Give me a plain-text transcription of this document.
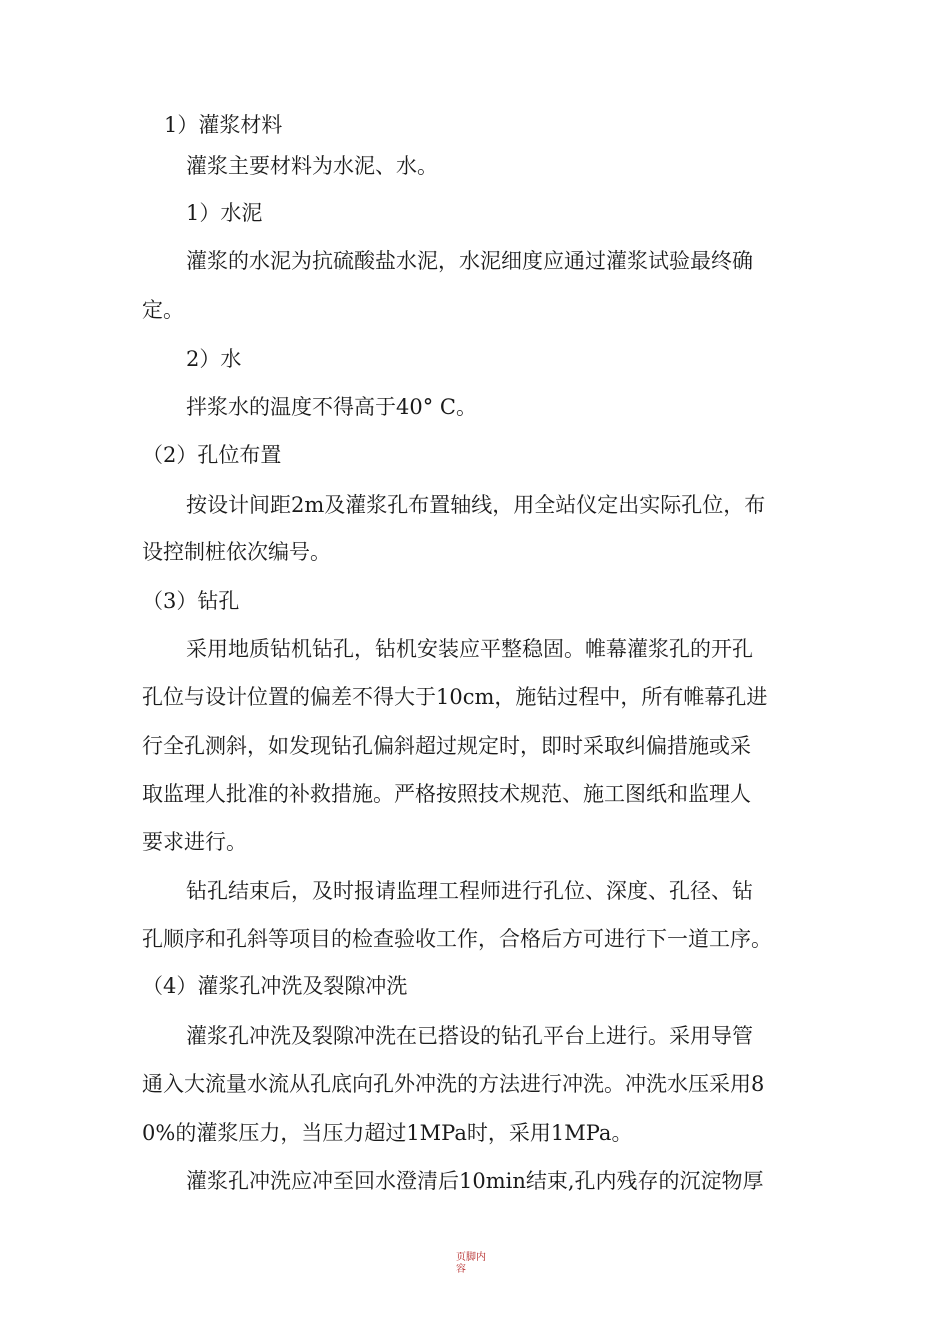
1）灌浆材料
灌浆主要材料为水泥、水。
1）水泥
灌浆的水泥为抗硫酸盐水泥，水泥细度应通过灌浆试验最终确
定。
2）水
拌浆水的温度不得高于40° C。
（2）孔位布置
按设计间距2m及灌浆孔布置轴线，用全站仪定出实际孔位，布
设控制桩依次编号。
（3）钻孔
采用地质钻机钻孔，钻机安装应平整稳固。帷幕灌浆孔的开孔
孔位与设计位置的偏差不得大于10cm，施钻过程中，所有帷幕孔进
行全孔测斜，如发现钻孔偏斜超过规定时，即时采取纠偏措施或采
取监理人批准的补救措施。严格按照技术规范、施工图纸和监理人
要求进行。
钻孔结束后，及时报请监理工程师进行孔位、深度、孔径、钻
孔顺序和孔斜等项目的检查验收工作，合格后方可进行下一道工序。
（4）灌浆孔冲洗及裂隙冲洗
灌浆孔冲洗及裂隙冲洗在已搭设的钻孔平台上进行。采用导管
通入大流量水流从孔底向孔外冲洗的方法进行冲洗。冲洗水压采用8
0%的灌浆压力，当压力超过1MPa时，采用1MPa。
灌浆孔冲洗应冲至回水澄清后10min结束,孔内残存的沉淀物厚
页脚内
容
